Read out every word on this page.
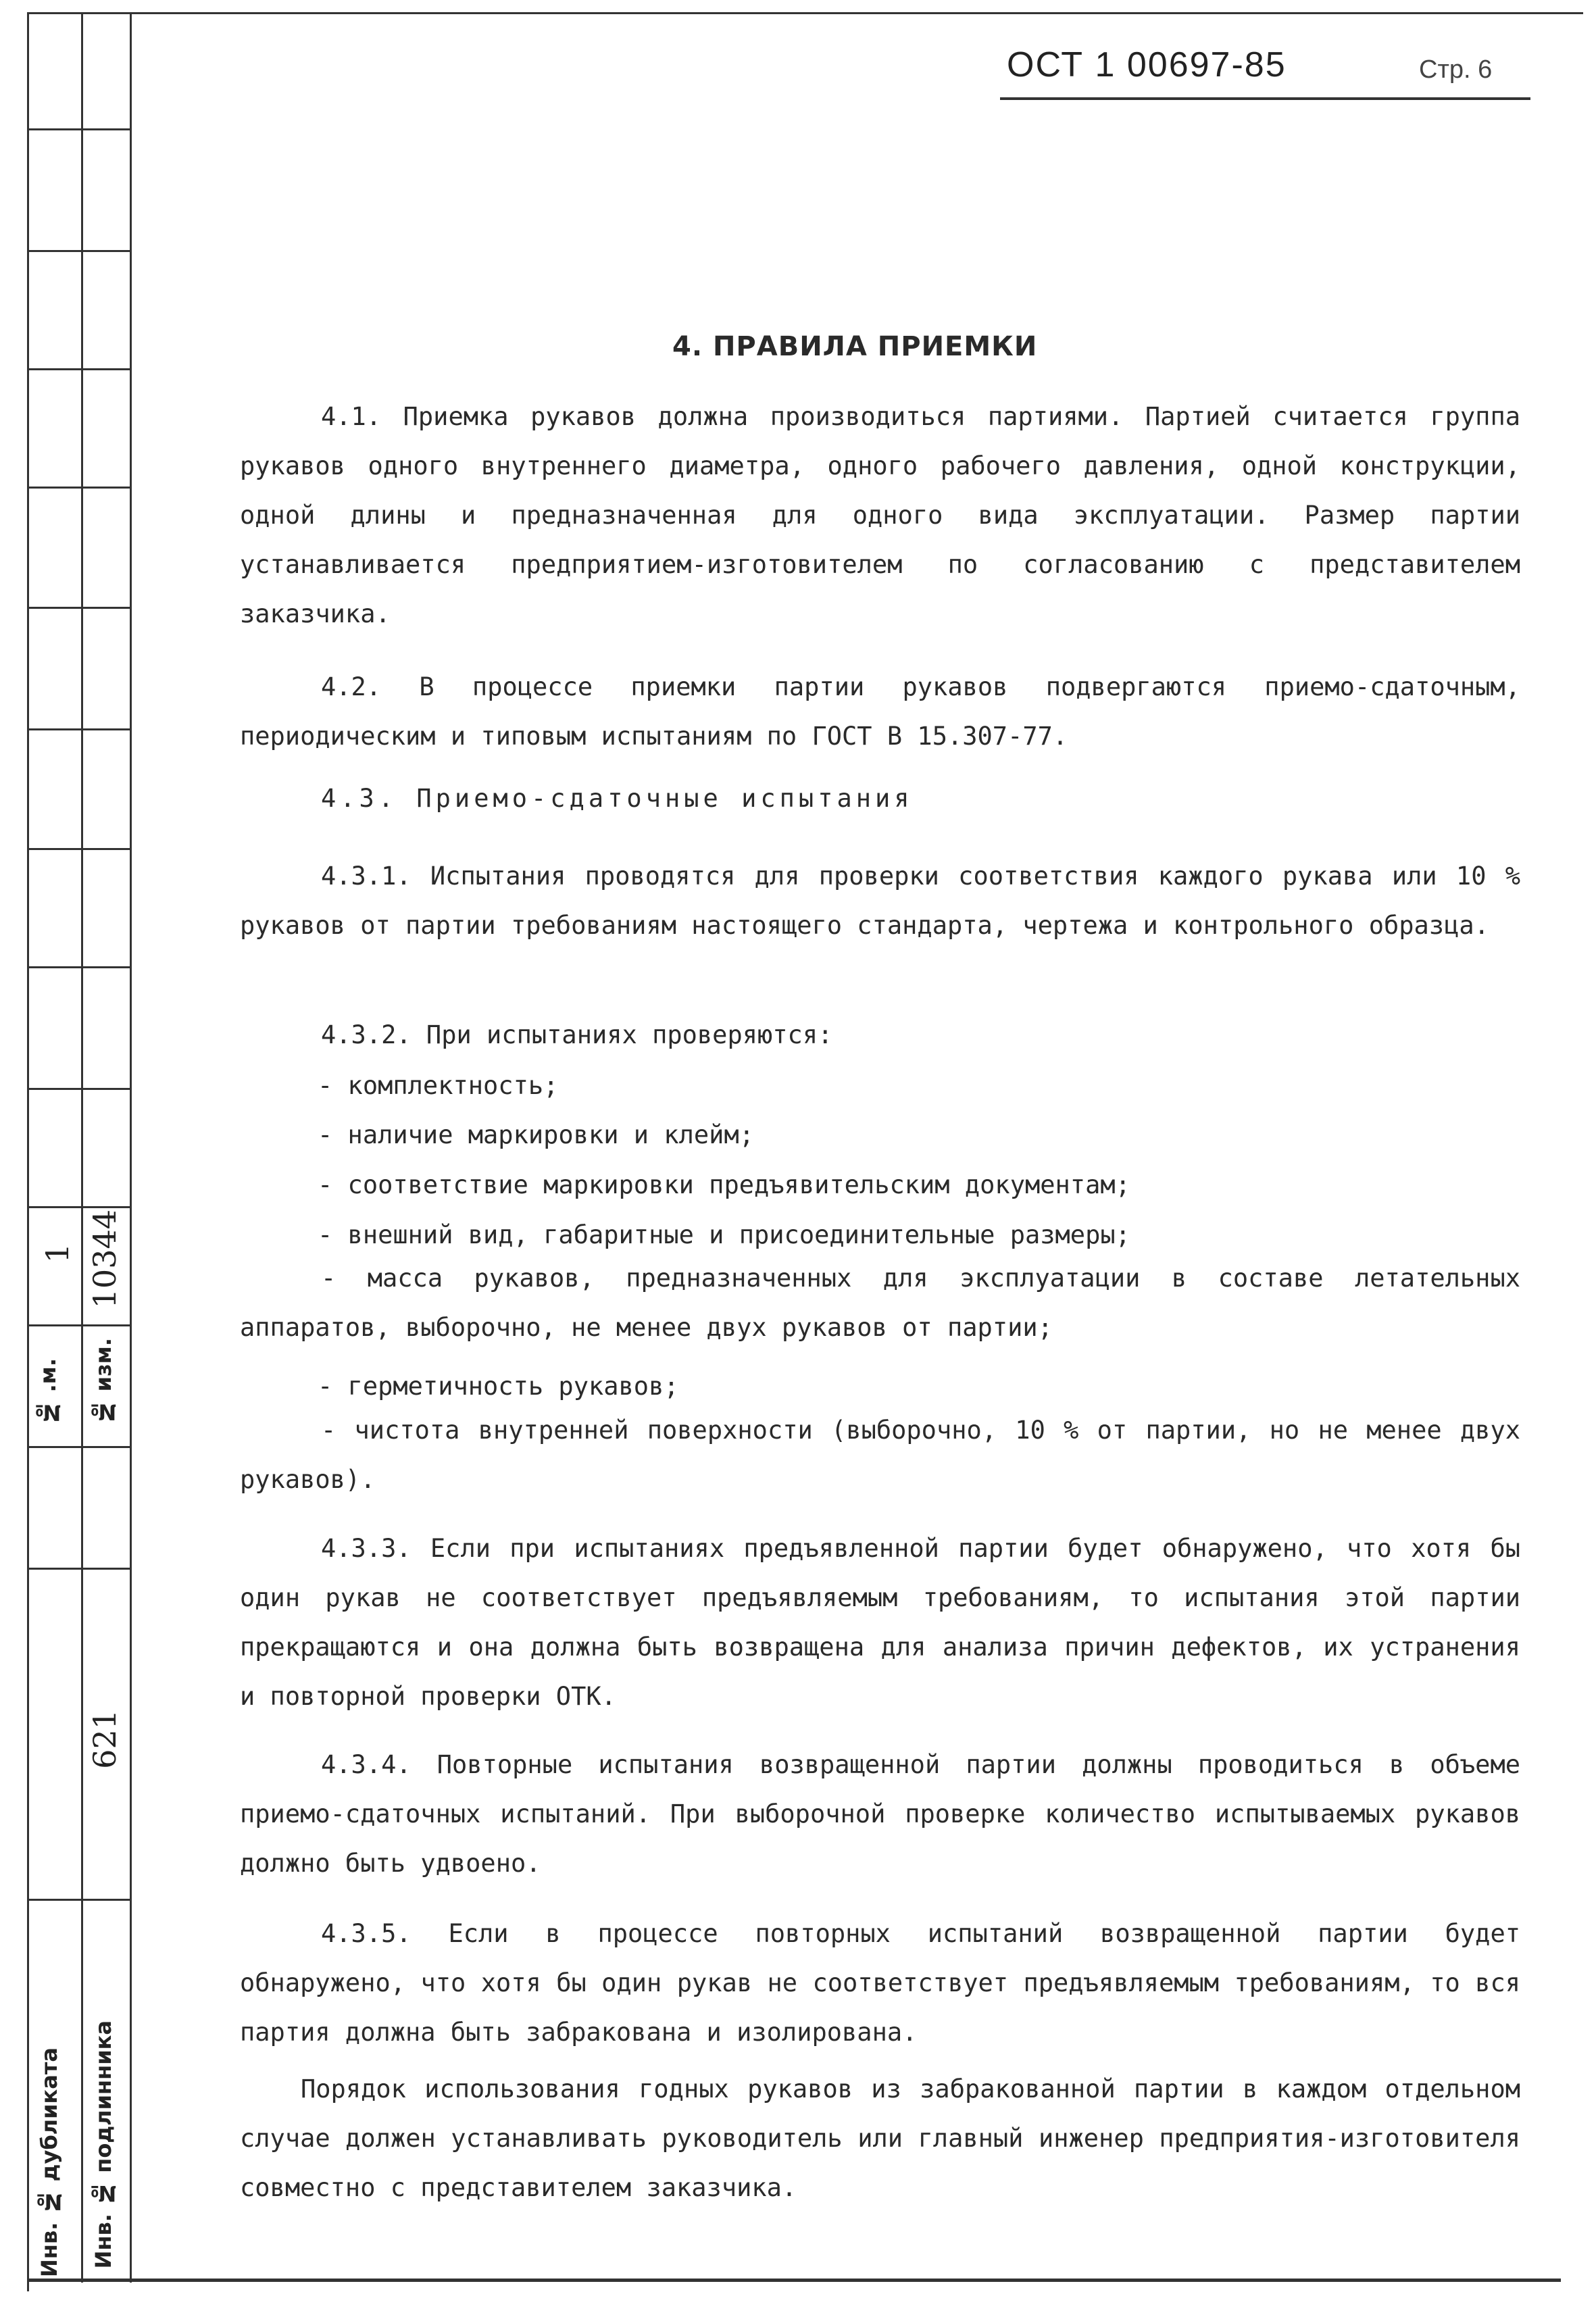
№ .м.
1
№ изм.
10344
621
Инв. № подлинника
Инв. № дубликата
ОСТ 1 00697-85	Стр. 6
4. ПРАВИЛА ПРИЕМКИ

4.1. Приемка рукавов должна производиться партиями. Партией считается группа рукавов одного внутреннего диаметра, одного рабочего давления, одной конструкции, одной длины и предназначенная для одного вида эксплуатации. Размер партии устанавливается предприятием-изготовителем по согласованию с представителем заказчика.

4.2. В процессе приемки партии рукавов подвергаются приемо-сдаточным, периодическим и типовым испытаниям по ГОСТ В 15.307-77.

4.3. Приемо-сдаточные испытания

4.3.1. Испытания проводятся для проверки соответствия каждого рукава или 10 % рукавов от партии требованиям настоящего стандарта, чертежа и контрольного образца.

4.3.2. При испытаниях проверяются:

- комплектность;

- наличие маркировки и клейм;

- соответствие маркировки предъявительским документам;

- внешний вид, габаритные и присоединительные размеры;

- масса рукавов, предназначенных для эксплуатации в составе летательных аппаратов, выборочно, не менее двух рукавов от партии;

- герметичность рукавов;

- чистота внутренней поверхности (выборочно, 10 % от партии, но не менее двух рукавов).

4.3.3. Если при испытаниях предъявленной партии будет обнаружено, что хотя бы один рукав не соответствует предъявляемым требованиям, то испытания этой партии прекращаются и она должна быть возвращена для анализа причин дефектов, их устранения и повторной проверки ОТК.

4.3.4. Повторные испытания возвращенной партии должны проводиться в объеме приемо-сдаточных испытаний. При выборочной проверке количество испытываемых рукавов должно быть удвоено.

4.3.5. Если в процессе повторных испытаний возвращенной партии будет обнаружено, что хотя бы один рукав не соответствует предъявляемым требованиям, то вся партия должна быть забракована и изолирована.

Порядок использования годных рукавов из забракованной партии в каждом отдельном случае должен устанавливать руководитель или главный инженер предприятия-изготовителя совместно с представителем заказчика.
